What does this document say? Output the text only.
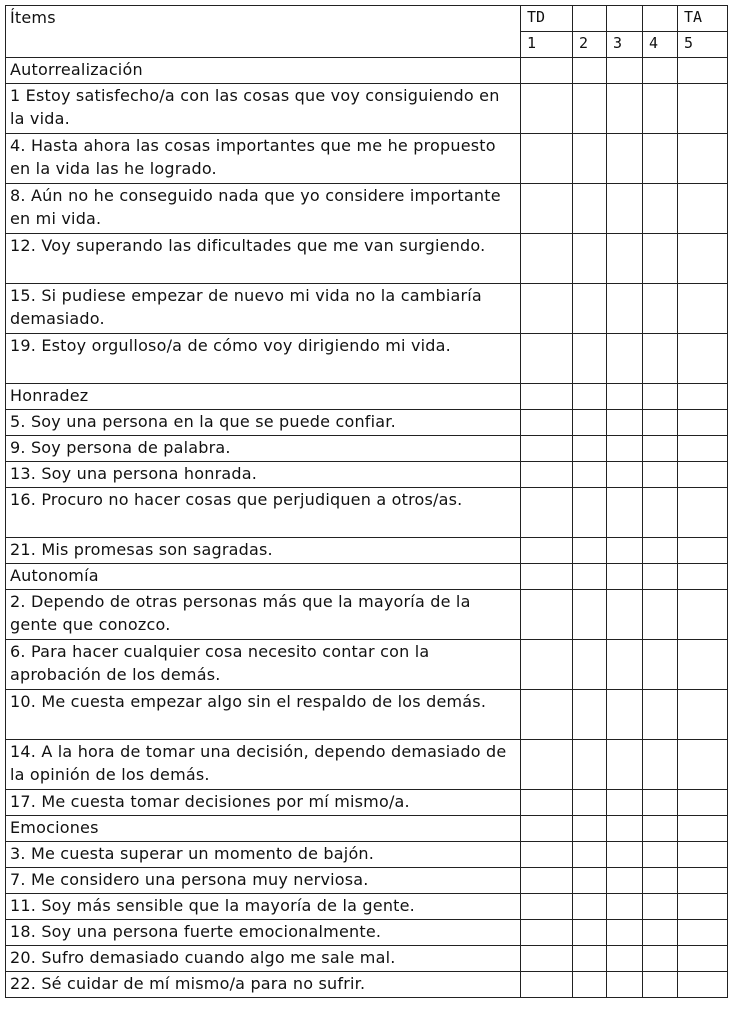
Ítems	TD				TA
	1	2	3	4	5
Autorrealización					
1 Estoy satisfecho/a con las cosas que voy consiguiendo en la vida.					
4. Hasta ahora las cosas importantes que me he propuesto en la vida las he logrado.					
8. Aún no he conseguido nada que yo considere importante en mi vida.					
12. Voy superando las dificultades que me van surgiendo.					
15. Si pudiese empezar de nuevo mi vida no la cambiaría demasiado.					
19. Estoy orgulloso/a de cómo voy dirigiendo mi vida.					
Honradez					
5. Soy una persona en la que se puede confiar.					
9. Soy persona de palabra.					
13. Soy una persona honrada.					
16. Procuro no hacer cosas que perjudiquen a otros/as.					
21. Mis promesas son sagradas.					
Autonomía					
2. Dependo de otras personas más que la mayoría de la gente que conozco.					
6. Para hacer cualquier cosa necesito contar con la aprobación de los demás.					
10. Me cuesta empezar algo sin el respaldo de los demás.					
14. A la hora de tomar una decisión, dependo demasiado de la opinión de los demás.					
17. Me cuesta tomar decisiones por mí mismo/a.					
Emociones					
3. Me cuesta superar un momento de bajón.					
7. Me considero una persona muy nerviosa.					
11. Soy más sensible que la mayoría de la gente.					
18. Soy una persona fuerte emocionalmente.					
20. Sufro demasiado cuando algo me sale mal.					
22. Sé cuidar de mí mismo/a para no sufrir.					
